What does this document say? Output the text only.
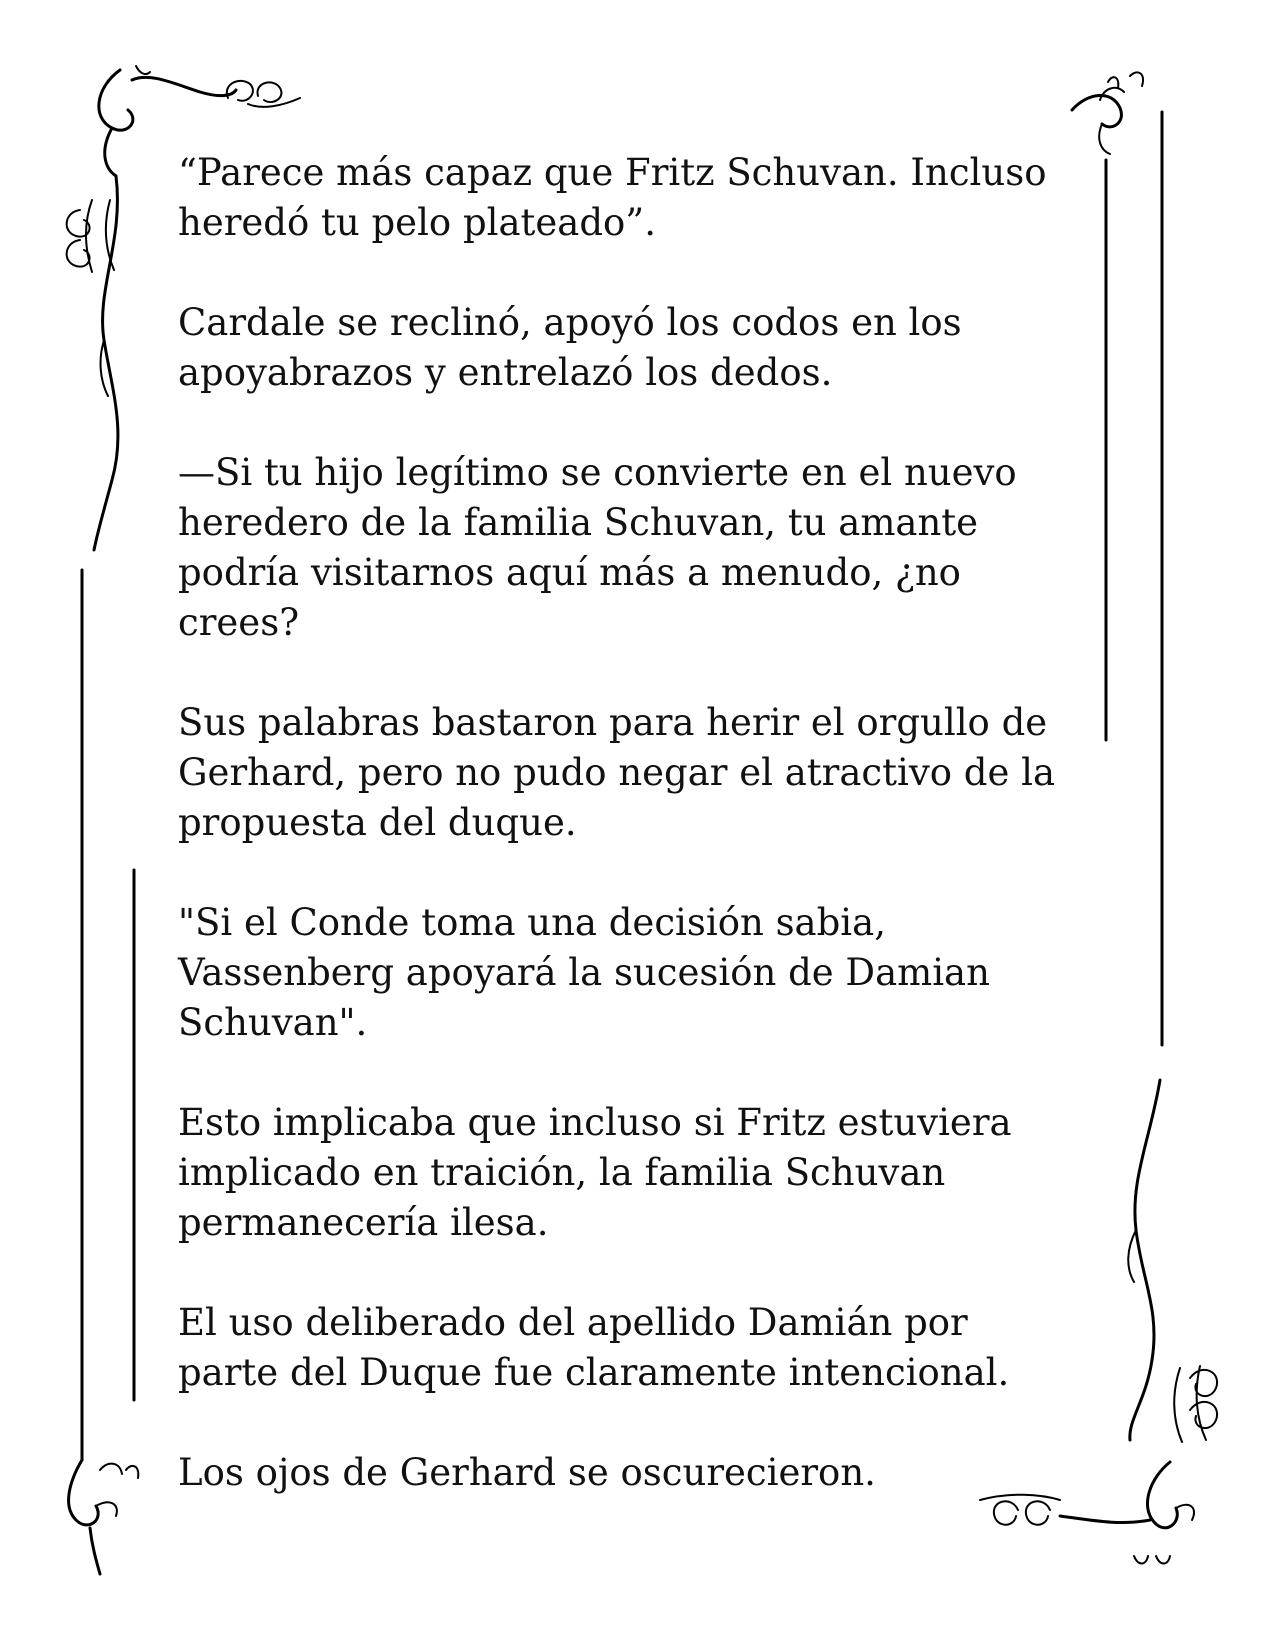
“Parece más capaz que Fritz Schuvan. Incluso heredó tu pelo plateado”.

Cardale se reclinó, apoyó los codos en los apoyabrazos y entrelazó los dedos.

—Si tu hijo legítimo se convierte en el nuevo heredero de la familia Schuvan, tu amante podría visitarnos aquí más a menudo, ¿no crees?

Sus palabras bastaron para herir el orgullo de Gerhard, pero no pudo negar el atractivo de la propuesta del duque.

"Si el Conde toma una decisión sabia, Vassenberg apoyará la sucesión de Damian Schuvan".

Esto implicaba que incluso si Fritz estuviera implicado en traición, la familia Schuvan permanecería ilesa.

El uso deliberado del apellido Damián por parte del Duque fue claramente intencional.

Los ojos de Gerhard se oscurecieron.
